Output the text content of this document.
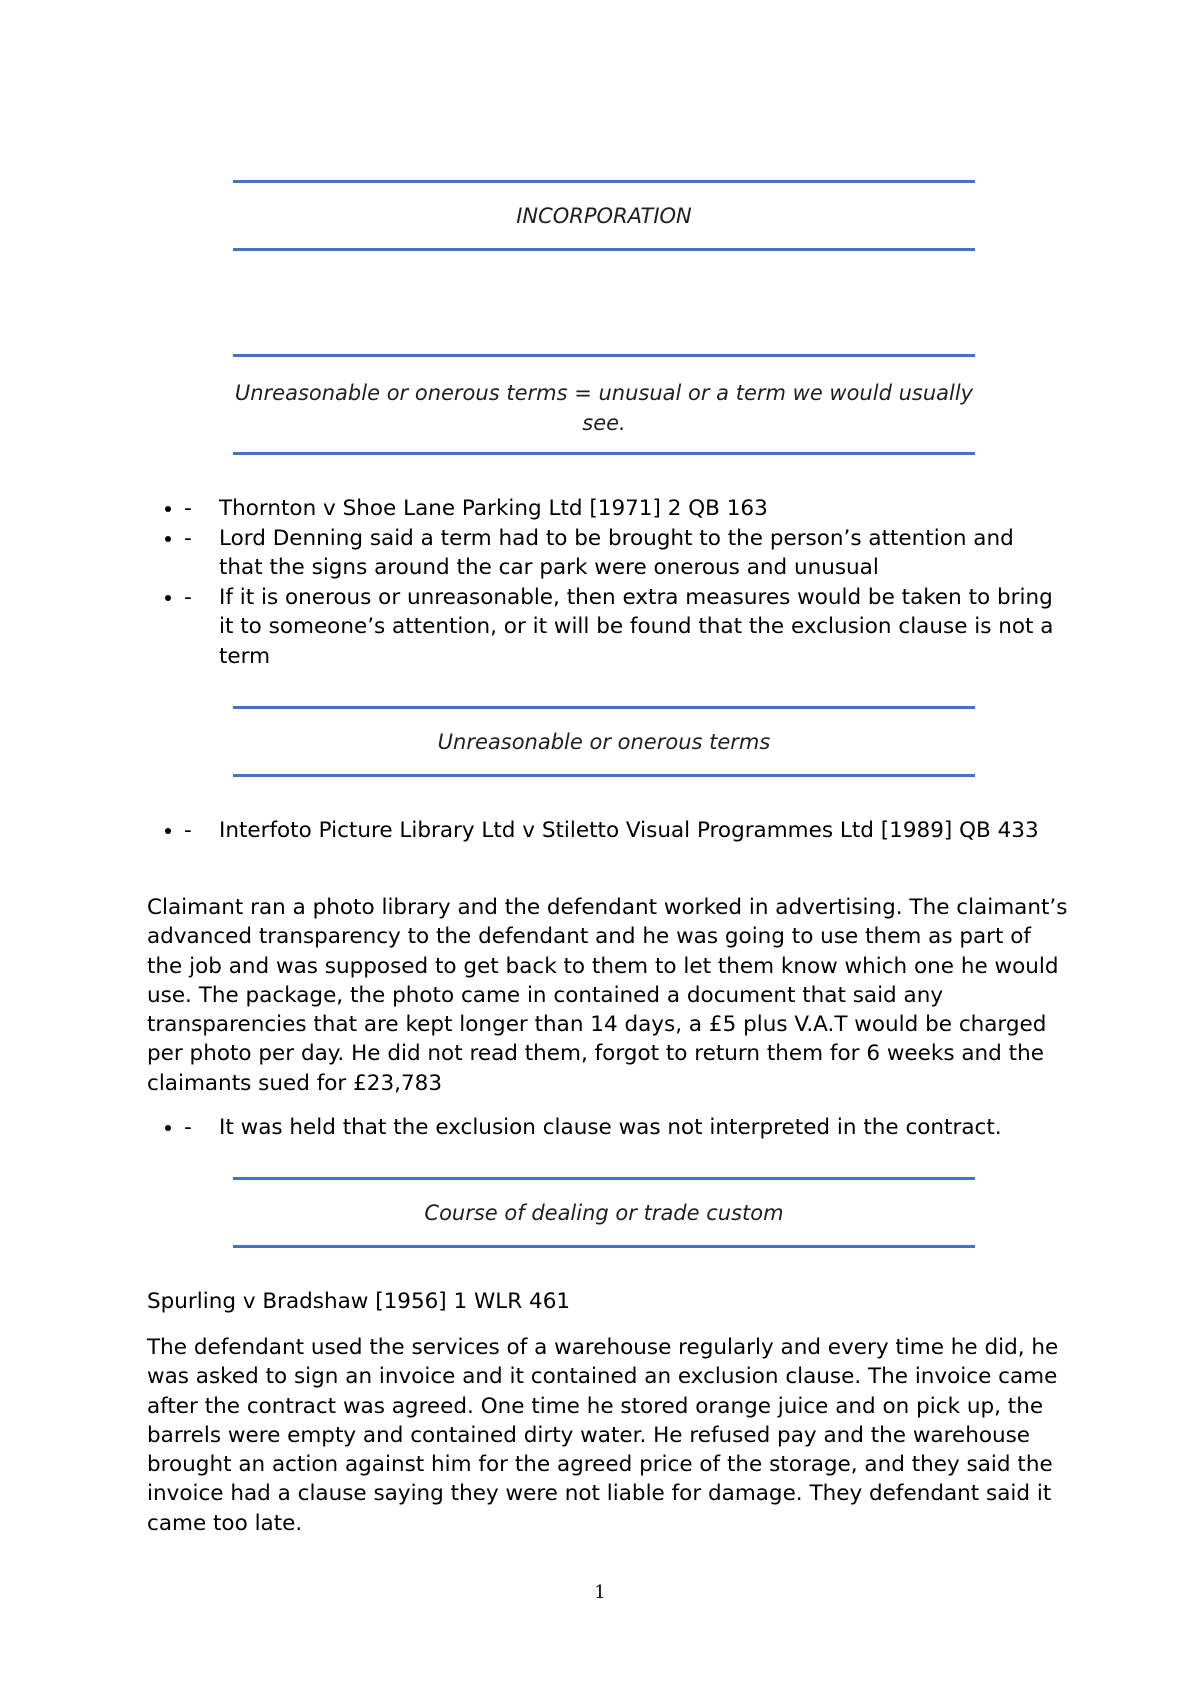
INCORPORATION
Unreasonable or onerous terms = unusual or a term we would usually see.
• -	Thornton v Shoe Lane Parking Ltd [1971] 2 QB 163
• -	Lord Denning said a term had to be brought to the person’s attention and that the signs around the car park were onerous and unusual
• -	If it is onerous or unreasonable, then extra measures would be taken to bring it to someone’s attention, or it will be found that the exclusion clause is not a term
Unreasonable or onerous terms
• -	Interfoto Picture Library Ltd v Stiletto Visual Programmes Ltd [1989] QB 433

Claimant ran a photo library and the defendant worked in advertising. The claimant’s advanced transparency to the defendant and he was going to use them as part of the job and was supposed to get back to them to let them know which one he would use. The package, the photo came in contained a document that said any transparencies that are kept longer than 14 days, a £5 plus V.A.T would be charged per photo per day. He did not read them, forgot to return them for 6 weeks and the claimants sued for £23,783

• -	It was held that the exclusion clause was not interpreted in the contract.
Course of dealing or trade custom

Spurling v Bradshaw [1956] 1 WLR 461

The defendant used the services of a warehouse regularly and every time he did, he was asked to sign an invoice and it contained an exclusion clause. The invoice came after the contract was agreed. One time he stored orange juice and on pick up, the barrels were empty and contained dirty water. He refused pay and the warehouse brought an action against him for the agreed price of the storage, and they said the invoice had a clause saying they were not liable for damage. They defendant said it came too late.

1
